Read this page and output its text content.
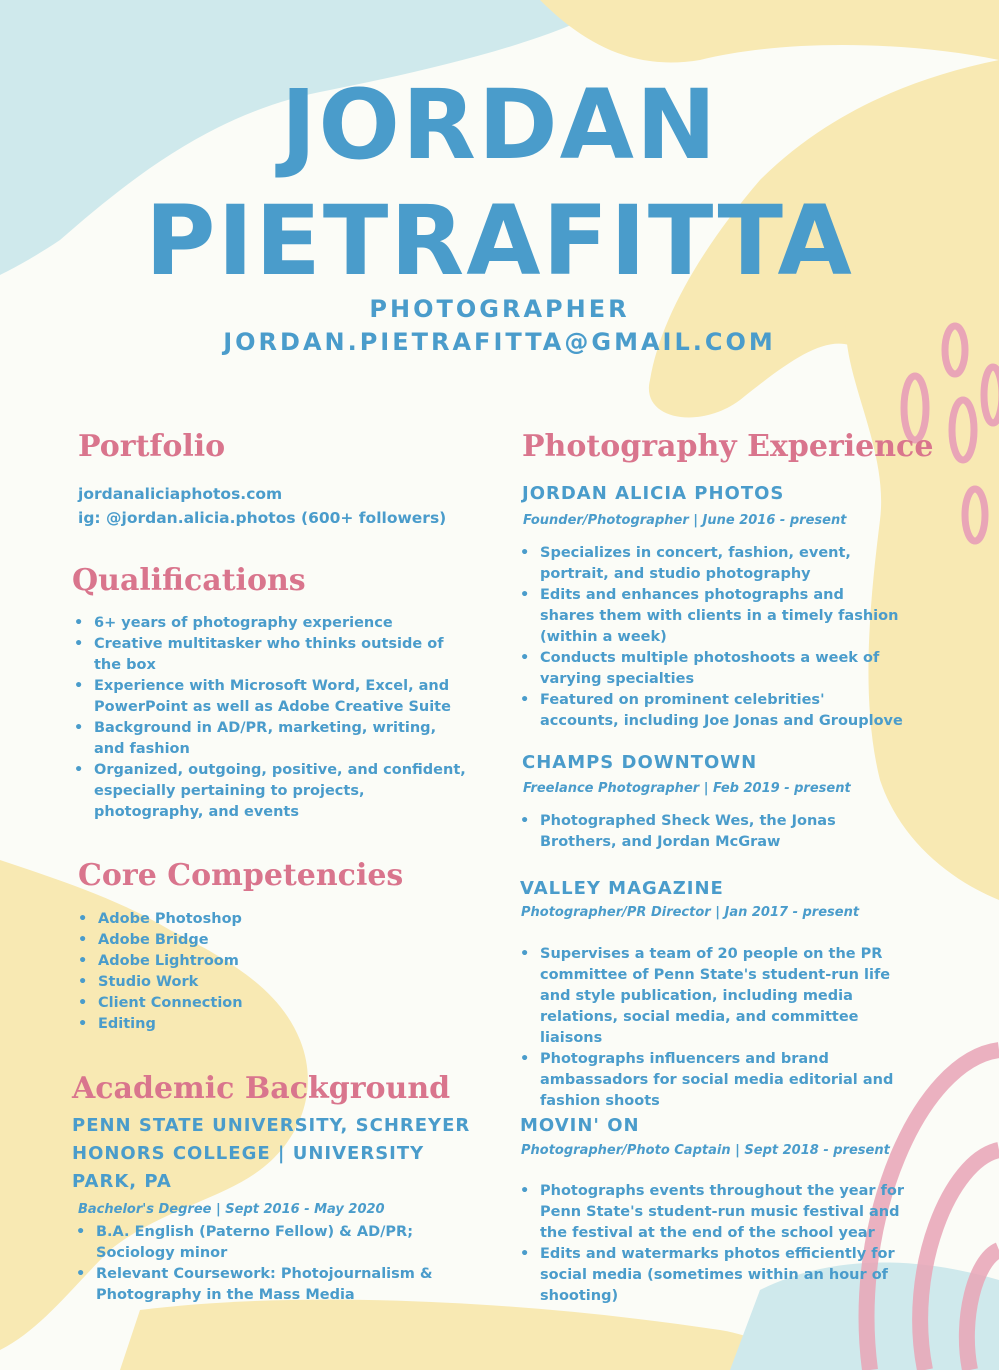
JORDAN
PIETRAFITTA
PHOTOGRAPHER
JORDAN.PIETRAFITTA@GMAIL.COM
Portfolio
jordanaliciaphotos.com
ig: @jordan.alicia.photos (600+ followers)
Qualifications
• 6+ years of photography experience
• Creative multitasker who thinks outside of the box
• Experience with Microsoft Word, Excel, and PowerPoint as well as Adobe Creative Suite
• Background in AD/PR, marketing, writing, and fashion
• Organized, outgoing, positive, and confident, especially pertaining to projects, photography, and events
Core Competencies
• Adobe Photoshop
• Adobe Bridge
• Adobe Lightroom
• Studio Work
• Client Connection
• Editing
Academic Background
PENN STATE UNIVERSITY, SCHREYER HONORS COLLEGE | UNIVERSITY PARK, PA
Bachelor's Degree | Sept 2016 - May 2020
• B.A. English (Paterno Fellow) & AD/PR; Sociology minor
• Relevant Coursework: Photojournalism & Photography in the Mass Media
Photography Experience
JORDAN ALICIA PHOTOS
Founder/Photographer | June 2016 - present
• Specializes in concert, fashion, event, portrait, and studio photography
• Edits and enhances photographs and shares them with clients in a timely fashion (within a week)
• Conducts multiple photoshoots a week of varying specialties
• Featured on prominent celebrities' accounts, including Joe Jonas and Grouplove
CHAMPS DOWNTOWN
Freelance Photographer | Feb 2019 - present
• Photographed Sheck Wes, the Jonas Brothers, and Jordan McGraw
VALLEY MAGAZINE
Photographer/PR Director | Jan 2017 - present
• Supervises a team of 20 people on the PR committee of Penn State's student-run life and style publication, including media relations, social media, and committee liaisons
• Photographs influencers and brand ambassadors for social media editorial and fashion shoots
MOVIN' ON
Photographer/Photo Captain | Sept 2018 - present
• Photographs events throughout the year for Penn State's student-run music festival and the festival at the end of the school year
• Edits and watermarks photos efficiently for social media (sometimes within an hour of shooting)
